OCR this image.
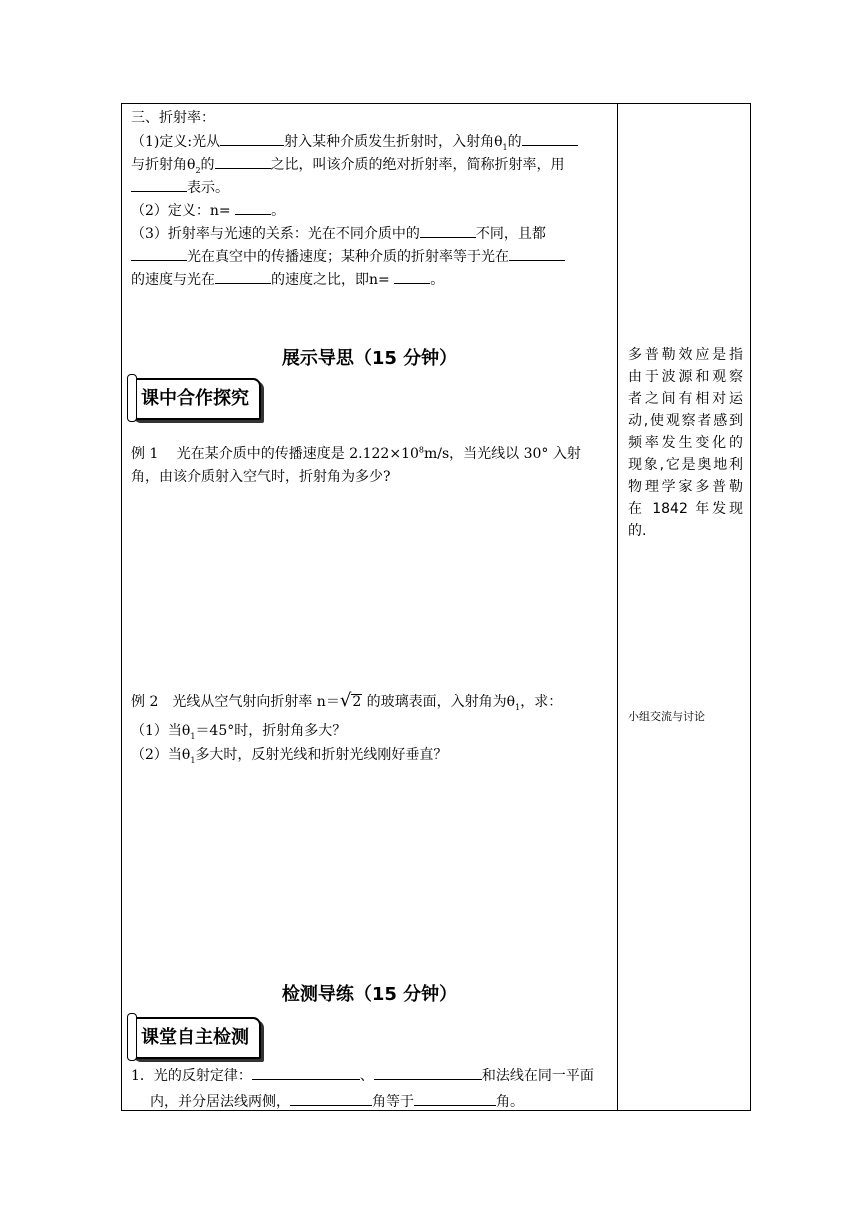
三、折射率：
（1)定义:光从	射入某种介质发生折射时，入射角$\theta_1$的
与折射角$\theta_2$的	之比，叫该介质的绝对折射率，简称折射率，用
表示。
（2）定义：n=	。
（3）折射率与光速的关系：光在不同介质中的	不同，且都
光在真空中的传播速度；某种介质的折射率等于光在
的速度与光在	的速度之比，即n=	。
展示导思（15 分钟）
课中合作探究
例 1　 光在某介质中的传播速度是 $2.122\times 10^8m/s$，当光线以 30° 入射
角，由该介质射入空气时，折射角为多少?
例 2　光线从空气射向折射率 n＝√2 的玻璃表面，入射角为$\theta_1$，求：
（1）当$\theta_1=45^\circ$时，折射角多大？
（2）当$\theta_1$多大时，反射光线和折射光线刚好垂直？
检测导练（15 分钟）
课堂自主检测
1．光的反射定律：	、	和法线在同一平面
内，并分居法线两侧，	角等于	角。
多普勒效应是指
由于波源和观察
者之间有相对运
动,使观察者感到
频率发生变化的
现象,它是奥地利
物理学家多普勒
在 1842 年发现
的.
小组交流与讨论
